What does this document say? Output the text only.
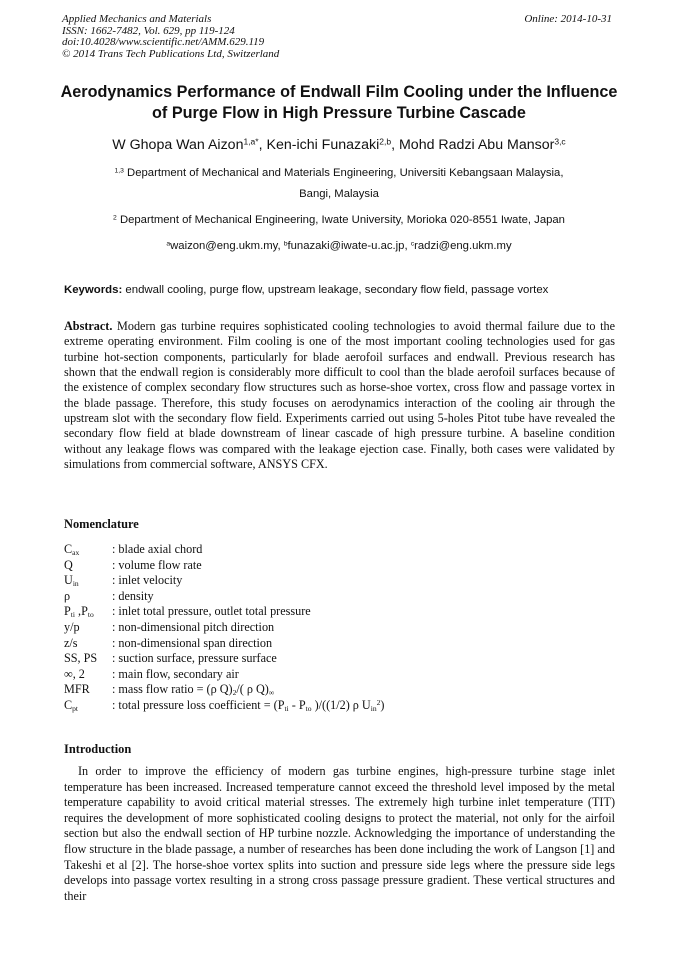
Applied Mechanics and Materials
ISSN: 1662-7482, Vol. 629, pp 119-124
doi:10.4028/www.scientific.net/AMM.629.119
© 2014 Trans Tech Publications Ltd, Switzerland
Online: 2014-10-31
Aerodynamics Performance of Endwall Film Cooling under the Influence
of Purge Flow in High Pressure Turbine Cascade
W Ghopa Wan Aizon$^{1,a*}$, Ken-ichi Funazaki$^{2,b}$, Mohd Radzi Abu Mansor$^{3,c}$
$^{1,3}$ Department of Mechanical and Materials Engineering, Universiti Kebangsaan Malaysia,
Bangi, Malaysia
$^2$ Department of Mechanical Engineering, Iwate University, Morioka 020-8551 Iwate, Japan
$^a$waizon@eng.ukm.my, $^b$funazaki@iwate-u.ac.jp, $^c$radzi@eng.ukm.my
Keywords: endwall cooling, purge flow, upstream leakage, secondary flow field, passage vortex
Abstract. Modern gas turbine requires sophisticated cooling technologies to avoid thermal failure due to the extreme operating environment. Film cooling is one of the most important cooling technologies used for gas turbine hot-section components, particularly for blade aerofoil surfaces and endwall. Previous research has shown that the endwall region is considerably more difficult to cool than the blade aerofoil surfaces because of the existence of complex secondary flow structures such as horse-shoe vortex, cross flow and passage vortex in the blade passage. Therefore, this study focuses on aerodynamics interaction of the cooling air through the upstream slot with the secondary flow field. Experiments carried out using 5-holes Pitot tube have revealed the secondary flow field at blade downstream of linear cascade of high pressure turbine. A baseline condition without any leakage flows was compared with the leakage ejection case. Finally, both cases were validated by simulations from commercial software, ANSYS CFX.
Nomenclature
$C_{ax}$	: blade axial chord
Q	: volume flow rate
$U_{in}$	: inlet velocity
ρ	: density
$P_{ti}$ $,P_{to}$	: inlet total pressure, outlet total pressure
y/p	: non-dimensional pitch direction
z/s	: non-dimensional span direction
SS, PS	: suction surface, pressure surface
∞, 2	: main flow, secondary air
MFR	: mass flow ratio = (ρ $Q)_2/$( ρ $Q)_\infty$
$C_{pt}$	: total pressure loss coefficient = ($P_{ti} - P_{to}$ )/((1/2) ρ $U_{in}^2$)
Introduction
In order to improve the efficiency of modern gas turbine engines, high-pressure turbine stage inlet temperature has been increased. Increased temperature cannot exceed the threshold level imposed by the metal temperature capability to avoid critical material stresses. The extremely high turbine inlet temperature (TIT) requires the development of more sophisticated cooling designs to protect the material, not only for the airfoil section but also the endwall section of HP turbine nozzle. Acknowledging the importance of understanding the flow structure in the blade passage, a number of researches has been done including the work of Langson [1] and Takeshi et al [2]. The horse-shoe vortex splits into suction and pressure side legs where the pressure side legs develops into passage vortex resulting in a strong cross passage pressure gradient. These vertical structures and their
